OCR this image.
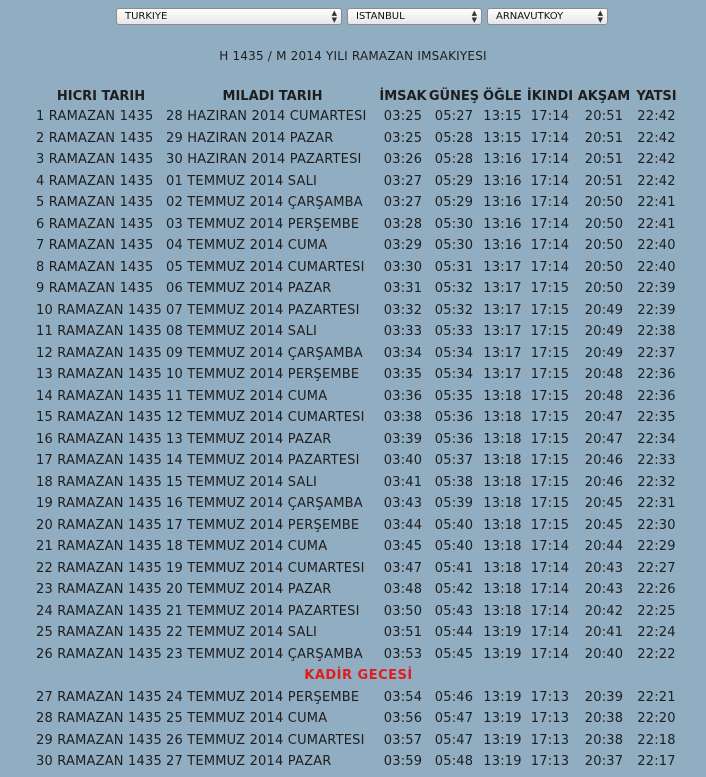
TURKIYE	▲
▼	ISTANBUL	▲
▼	ARNAVUTKOY	▲
▼
H 1435 / M 2014 YILI RAMAZAN IMSAKIYESI
HICRI TARIH	MILADI TARIH	İMSAK	GÜNEŞ	ÖĞLE	İKINDI	AKŞAM	YATSI
1 RAMAZAN 1435	28 HAZIRAN 2014 CUMARTESI	03:25	05:27	13:15	17:14	20:51	22:42
2 RAMAZAN 1435	29 HAZIRAN 2014 PAZAR	03:25	05:28	13:15	17:14	20:51	22:42
3 RAMAZAN 1435	30 HAZIRAN 2014 PAZARTESI	03:26	05:28	13:16	17:14	20:51	22:42
4 RAMAZAN 1435	01 TEMMUZ 2014 SALI	03:27	05:29	13:16	17:14	20:51	22:42
5 RAMAZAN 1435	02 TEMMUZ 2014 ÇARŞAMBA	03:27	05:29	13:16	17:14	20:50	22:41
6 RAMAZAN 1435	03 TEMMUZ 2014 PERŞEMBE	03:28	05:30	13:16	17:14	20:50	22:41
7 RAMAZAN 1435	04 TEMMUZ 2014 CUMA	03:29	05:30	13:16	17:14	20:50	22:40
8 RAMAZAN 1435	05 TEMMUZ 2014 CUMARTESI	03:30	05:31	13:17	17:14	20:50	22:40
9 RAMAZAN 1435	06 TEMMUZ 2014 PAZAR	03:31	05:32	13:17	17:15	20:50	22:39
10 RAMAZAN 1435	07 TEMMUZ 2014 PAZARTESI	03:32	05:32	13:17	17:15	20:49	22:39
11 RAMAZAN 1435	08 TEMMUZ 2014 SALI	03:33	05:33	13:17	17:15	20:49	22:38
12 RAMAZAN 1435	09 TEMMUZ 2014 ÇARŞAMBA	03:34	05:34	13:17	17:15	20:49	22:37
13 RAMAZAN 1435	10 TEMMUZ 2014 PERŞEMBE	03:35	05:34	13:17	17:15	20:48	22:36
14 RAMAZAN 1435	11 TEMMUZ 2014 CUMA	03:36	05:35	13:18	17:15	20:48	22:36
15 RAMAZAN 1435	12 TEMMUZ 2014 CUMARTESI	03:38	05:36	13:18	17:15	20:47	22:35
16 RAMAZAN 1435	13 TEMMUZ 2014 PAZAR	03:39	05:36	13:18	17:15	20:47	22:34
17 RAMAZAN 1435	14 TEMMUZ 2014 PAZARTESI	03:40	05:37	13:18	17:15	20:46	22:33
18 RAMAZAN 1435	15 TEMMUZ 2014 SALI	03:41	05:38	13:18	17:15	20:46	22:32
19 RAMAZAN 1435	16 TEMMUZ 2014 ÇARŞAMBA	03:43	05:39	13:18	17:15	20:45	22:31
20 RAMAZAN 1435	17 TEMMUZ 2014 PERŞEMBE	03:44	05:40	13:18	17:15	20:45	22:30
21 RAMAZAN 1435	18 TEMMUZ 2014 CUMA	03:45	05:40	13:18	17:14	20:44	22:29
22 RAMAZAN 1435	19 TEMMUZ 2014 CUMARTESI	03:47	05:41	13:18	17:14	20:43	22:27
23 RAMAZAN 1435	20 TEMMUZ 2014 PAZAR	03:48	05:42	13:18	17:14	20:43	22:26
24 RAMAZAN 1435	21 TEMMUZ 2014 PAZARTESI	03:50	05:43	13:18	17:14	20:42	22:25
25 RAMAZAN 1435	22 TEMMUZ 2014 SALI	03:51	05:44	13:19	17:14	20:41	22:24
26 RAMAZAN 1435	23 TEMMUZ 2014 ÇARŞAMBA	03:53	05:45	13:19	17:14	20:40	22:22
KADİR GECESİ							
27 RAMAZAN 1435	24 TEMMUZ 2014 PERŞEMBE	03:54	05:46	13:19	17:13	20:39	22:21
28 RAMAZAN 1435	25 TEMMUZ 2014 CUMA	03:56	05:47	13:19	17:13	20:38	22:20
29 RAMAZAN 1435	26 TEMMUZ 2014 CUMARTESI	03:57	05:47	13:19	17:13	20:38	22:18
30 RAMAZAN 1435	27 TEMMUZ 2014 PAZAR	03:59	05:48	13:19	17:13	20:37	22:17
